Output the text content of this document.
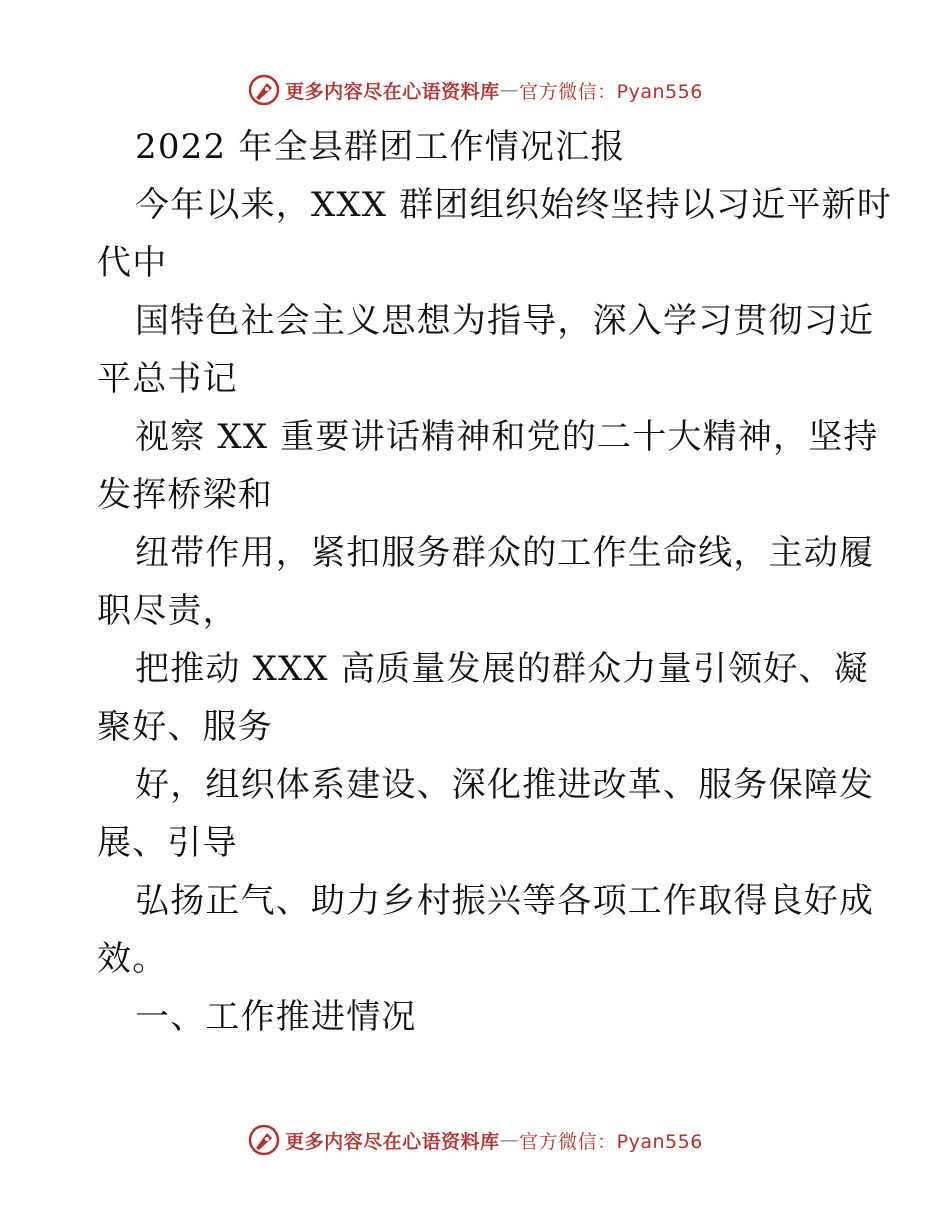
更多内容尽在心语资料库 — 官方微信：Pyan556
2022 年全县群团工作情况汇报
今年以来，XXX 群团组织始终坚持以习近平新时
代中
国特色社会主义思想为指导，深入学习贯彻习近
平总书记
视察 XX 重要讲话精神和党的二十大精神，坚持
发挥桥梁和
纽带作用，紧扣服务群众的工作生命线，主动履
职尽责，
把推动 XXX 高质量发展的群众力量引领好、凝
聚好、服务
好，组织体系建设、深化推进改革、服务保障发
展、引导
弘扬正气、助力乡村振兴等各项工作取得良好成
效。
一、工作推进情况
更多内容尽在心语资料库 — 官方微信：Pyan556
